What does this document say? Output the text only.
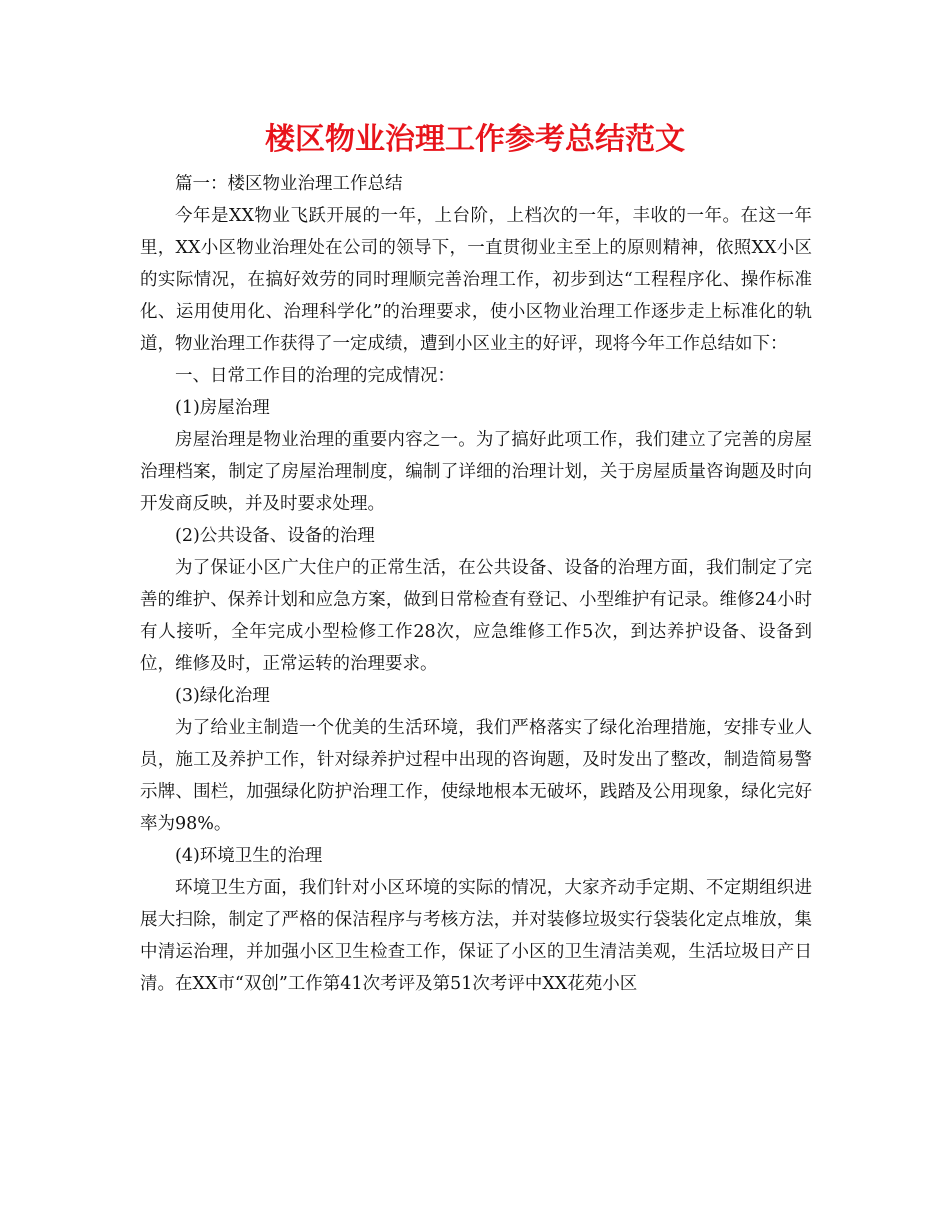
楼区物业治理工作参考总结范文

篇一：楼区物业治理工作总结

今年是XX物业飞跃开展的一年，上台阶，上档次的一年，丰收的一年。在这一年里，XX小区物业治理处在公司的领导下，一直贯彻业主至上的原则精神，依照XX小区的实际情况，在搞好效劳的同时理顺完善治理工作，初步到达“工程程序化、操作标准化、运用使用化、治理科学化”的治理要求，使小区物业治理工作逐步走上标准化的轨道，物业治理工作获得了一定成绩，遭到小区业主的好评，现将今年工作总结如下：

一、日常工作目的治理的完成情况：

(1)房屋治理

房屋治理是物业治理的重要内容之一。为了搞好此项工作，我们建立了完善的房屋治理档案，制定了房屋治理制度，编制了详细的治理计划，关于房屋质量咨询题及时向开发商反映，并及时要求处理。

(2)公共设备、设备的治理

为了保证小区广大住户的正常生活，在公共设备、设备的治理方面，我们制定了完善的维护、保养计划和应急方案，做到日常检查有登记、小型维护有记录。维修24小时有人接听，全年完成小型检修工作28次，应急维修工作5次，到达养护设备、设备到位，维修及时，正常运转的治理要求。

(3)绿化治理

为了给业主制造一个优美的生活环境，我们严格落实了绿化治理措施，安排专业人员，施工及养护工作，针对绿养护过程中出现的咨询题，及时发出了整改，制造简易警示牌、围栏，加强绿化防护治理工作，使绿地根本无破坏，践踏及公用现象，绿化完好率为98%。

(4)环境卫生的治理

环境卫生方面，我们针对小区环境的实际的情况，大家齐动手定期、不定期组织进展大扫除，制定了严格的保洁程序与考核方法，并对装修垃圾实行袋装化定点堆放，集中清运治理，并加强小区卫生检查工作，保证了小区的卫生清洁美观，生活垃圾日产日清。在XX市“双创”工作第41次考评及第51次考评中XX花苑小区
